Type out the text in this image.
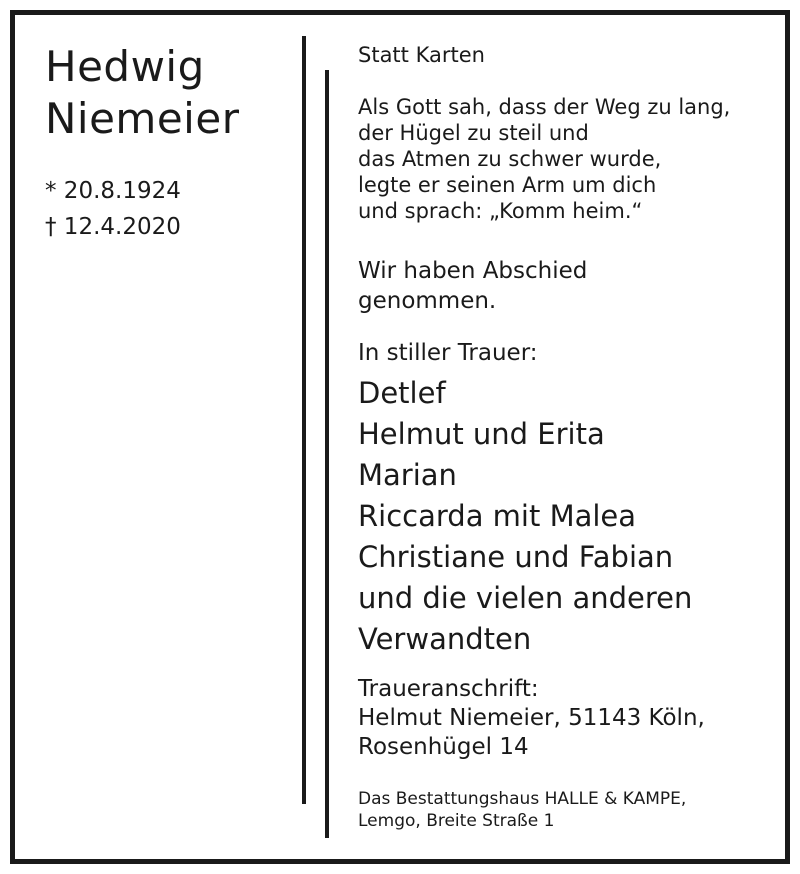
Hedwig
Niemeier
* 20.8.1924
† 12.4.2020
Statt Karten
Als Gott sah, dass der Weg zu lang,
der Hügel zu steil und
das Atmen zu schwer wurde,
legte er seinen Arm um dich
und sprach: „Komm heim.“
Wir haben Abschied
genommen.
In stiller Trauer:
Detlef
Helmut und Erita
Marian
Riccarda mit Malea
Christiane und Fabian
und die vielen anderen
Verwandten
Traueranschrift:
Helmut Niemeier, 51143 Köln,
Rosenhügel 14
Das Bestattungshaus HALLE & KAMPE,
Lemgo, Breite Straße 1
